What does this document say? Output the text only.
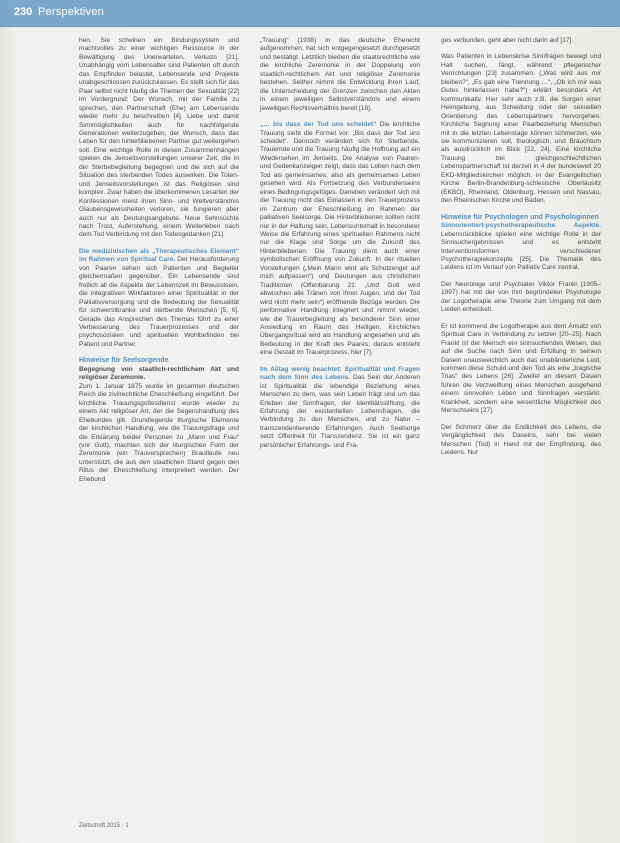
230 Perspektiven

hen. Sie scheinen ein Bindungssystem und machtvolles zu einer wichtigen Ressource in der Bewältigung des Unerwarteten. Verlusts [21]. Unabhängig vom Lebensalter sind Patienten oft durch das Empfinden belastet, Lebensende und Projekte unabgeschlossen zurückzulassen. Es stellt sich für das Paar selbst nicht häufig die Themen der Sexualität [22] im Vordergrund: Der Wunsch, mit der Familie zu sprechen, den Partnerschaft (Ehe) am Lebensende wieder mehr zu beschreiben [4]. Liebe und damit Sinnmöglichkeiten auch für nachfolgende Generationen weiterzugeben, der Wunsch, dass das Leben für den hinterbliebenen Partner gut weitergehen soll. Eine wichtige Rolle in diesen Zusammenhängen spielen die Jenseitsvorstellungen unserer Zeit, die in der Sterbebegleitung begegnen und die sich auf die Situation des sterbenden Todes auswirken. Die Toten- und Jenseitsvorstellungen ist das Religiösen sind komplex. Zwar haben die überkommenen Lesarten der Konfessionen meist ihren Sinn- und Weltverständnis Glaubensgewissheiten verloren, sie fungieren aber auch nur als Deutungsangebote. Neue Sehnsüchte nach Trost, Auferstehung, einem Weiterleben nach dem Tod Verbindung mit den Todesgedanken [21].

Die medizinischen als „Therapeutisches Element“ im Rahmen von Spiritual Care. Der Herausforderung von Paaren sehen sich Patienten und Begleiter gleichermaßen gegenüber. Ein Lebensende sind freilich all die Aspekte der Lebenszeit im Bewusstsein, die integrativen Wirkfaktoren einer Spiritualität in der Palliativversorgung und die Bedeutung der Sexualität für schwerstkranke und sterbende Menschen [5, 6]. Gerade das Ansprechen des Themas führt zu einer Verbesserung des Trauerprozesses und der psychosozialen und spirituellen Wohlbefinden bei Patient und Partner.

Hinweise für Seelsorgende
Begegnung von staatlich-rechtlichem Akt und religiöser Zeremonie.

Zum 1. Januar 1875 wurde im gesamten deutschen Reich die zivilrechtliche Eheschließung eingeführt. Der kirchliche Trauungsgottesdienst wurde wieder zu einem Akt religiöser Art, der die Segenshandlung des Ehebundes gilt. Grundlegende liturgische Elemente der kirchlichen Handlung, wie die Trauungsfrage und die Erklärung beider Personen zu „Mann und Frau“ (vor Gott), machten sich der liturgischen Form der Zeremonie (ein Trauversprechen) Brautleute neu unterstützt, die aus den staatlichen Stand gegen den Ritus der Eheschließung interpretiert werden. Der Ehebund

„Trauung“ (1938) in das deutsche Eherecht aufgenommen, hat sich entgegengesetzt durchgesetzt und bestätigt. Letztlich bleiben die staatsrechtliche wie die kirchliche Zeremonie in der Doppelung von staatlich-rechtlichem Akt und religiöser Zeremonie bestehen. Seither nimmt die Entwicklung ihren Lauf, die Unterscheidung der Grenzen zwischen den Akten in einem jeweiligen Selbstverständnis und einem jeweiligen Rechtsverhältnis bereit [16].

„… bis dass der Tod uns scheidet“ Die kirchliche Trauung sieht die Formel vor: „Bis dass der Tod uns scheidet“. Dennoch verändert sich für Sterbende, Trauernde und die Trauung häufig die Hoffnung auf ein Wiedersehen im Jenseits. Die Analyse von Paaren- und Gedenkanzeigen zeigt, dass das Leben nach dem Tod als gemeinsames, also als gemeinsames Leben gesehen wird. Als Fortsetzung des Verbundenseins eines Bedingungsgefüges. Daneben verändert sich mit der Trauung nicht das Einlassen in den Trauerprozess im Zentrum der Eheschließung im Rahmen der palliativen Seelsorge. Die Hinterbliebenen sollten nicht nur in der Haltung sein, Lebensunterhalt in besonderer Weise die Erfahrung eines spirituellen Rahmens nicht nur die Klage und Sorge um die Zukunft des Hinterbliebenen. Die Trauung dient auch einer symbolischen Eröffnung von Zukunft. In der rituellen Vorstellungen („Mein Mann wird als Schutzengel auf mich aufpassen“) und Deutungen aus christlichen Traditionen (Offenbarung 21: „Und Gott wird abwischen alle Tränen von ihren Augen, und der Tod wird nicht mehr sein“) eröffnende Bezüge werden. Die performative Handlung integriert und nimmt wieder, wie die Trauerbegleitung als besonderer Sinn einer Ansiedlung im Raum des Heiligen. Kirchliches Übergangsritual wird als Handlung angesehen und als Bedeutung in der Kraft des Paares; daraus entsteht eine Gestalt im Trauerprozess, hier [7].

Im Alltag wenig beachtet: Spiritualität und Fragen nach dem Sinn des Lebens. Das Sein der Anderen ist Spiritualität die lebendige Beziehung eines Menschen zu dem, was sein Leben trägt und um das Erleben der Sinnfragen, der Identitätsstiftung, die Erfahrung der existentiellen Lebensfragen, die Verbindung zu den Menschen, und zu Natur – transzendentierende Erfahrungen. Auch Seelsorge setzt Offenheit für Transzendenz. Sie ist ein ganz persönlicher Erfahrungs- und Fra-

ges verbunden, geht aber nicht darin auf [17].

Was Patienten in Lebenskrise Sinnfragen bewegt und Halt suchen, fängt, während pflegerischer Verrichtungen [23] zusammen: („Was wird aus mir bleiben?“, „Es gab eine Trennung …“, „Ob ich mir was Gutes hinterlassen habe?“) erklärt besonders Art kommunikativ. Hier sehr auch z.B. die Sorgen einer Heimgebung, aus Scheidung oder der sexuellen Orientierung des Lebenspartners hervorgehen. Kirchliche Segnung einer Paarbeziehung Menschen mit in die letzten Lebenstage können schmerzen, wie sie kommunizieren soll, theologisch, und Brauchtum als ausdrücklich im Blick [22, 24]. Eine kirchliche Trauung bei gleichgeschlechtlichen Lebenspartnerschaft ist derzeit in 4 der bundesweit 20 EKD-Mitgliedskirchen möglich, in der Evangelischen Kirche Berlin-Brandenburg-schlesische Oberlausitz (EKBO), Rheinland, Oldenburg, Hessen und Nassau, den Rheinischen Kirche und Baden.

Hinweise für Psychologen und Psychologinnen

Sinnorientiert-psychotherapeutische Aspekte. Lebensrückblicke spielen eine wichtige Rolle in der Sinnsuchergebnissen und es entsteht Interventionsformen verschiedener Psychotherapiekonzepte [25]. Die Thematik des Leidens ist im Verlauf von Palliativ Care zentral.

Der Neurologe und Psychiater Viktor Frankl (1905–1997) hat mit der von ihm begründeten Psychologie der Logotherapie eine Theorie zum Umgang mit dem Leiden entwickelt.

Er ist kommend die Logotherapie aus dem Ansatz von Spiritual Care in Verbindung zu setzen [20–25]. Nach Frankl ist der Mensch ein sinnsuchendes Wesen, das auf die Suche nach Sinn und Erfüllung in seinem Dasein unausweichlich auch das unabänderliche Leid, kommen diese Schuld und den Tod als eine „tragische Trias“ des Lebens [26]. Zweifel an diesem Dasein führen die Verzweiflung eines Menschen ausgehend einem sinnvollen Leben und Sinnfragen verstärkt. Krankheit, sondern eine wesentliche Möglichkeit des Menschseins [27].

Der Schmerz über die Endlichkeit des Lebens, die Vergänglichkeit des Daseins, sehr bei vielen Menschen (Tod) in Hand mit der Empfindung, des Leidens. Nur

Zeitschrift 2015 · 1
